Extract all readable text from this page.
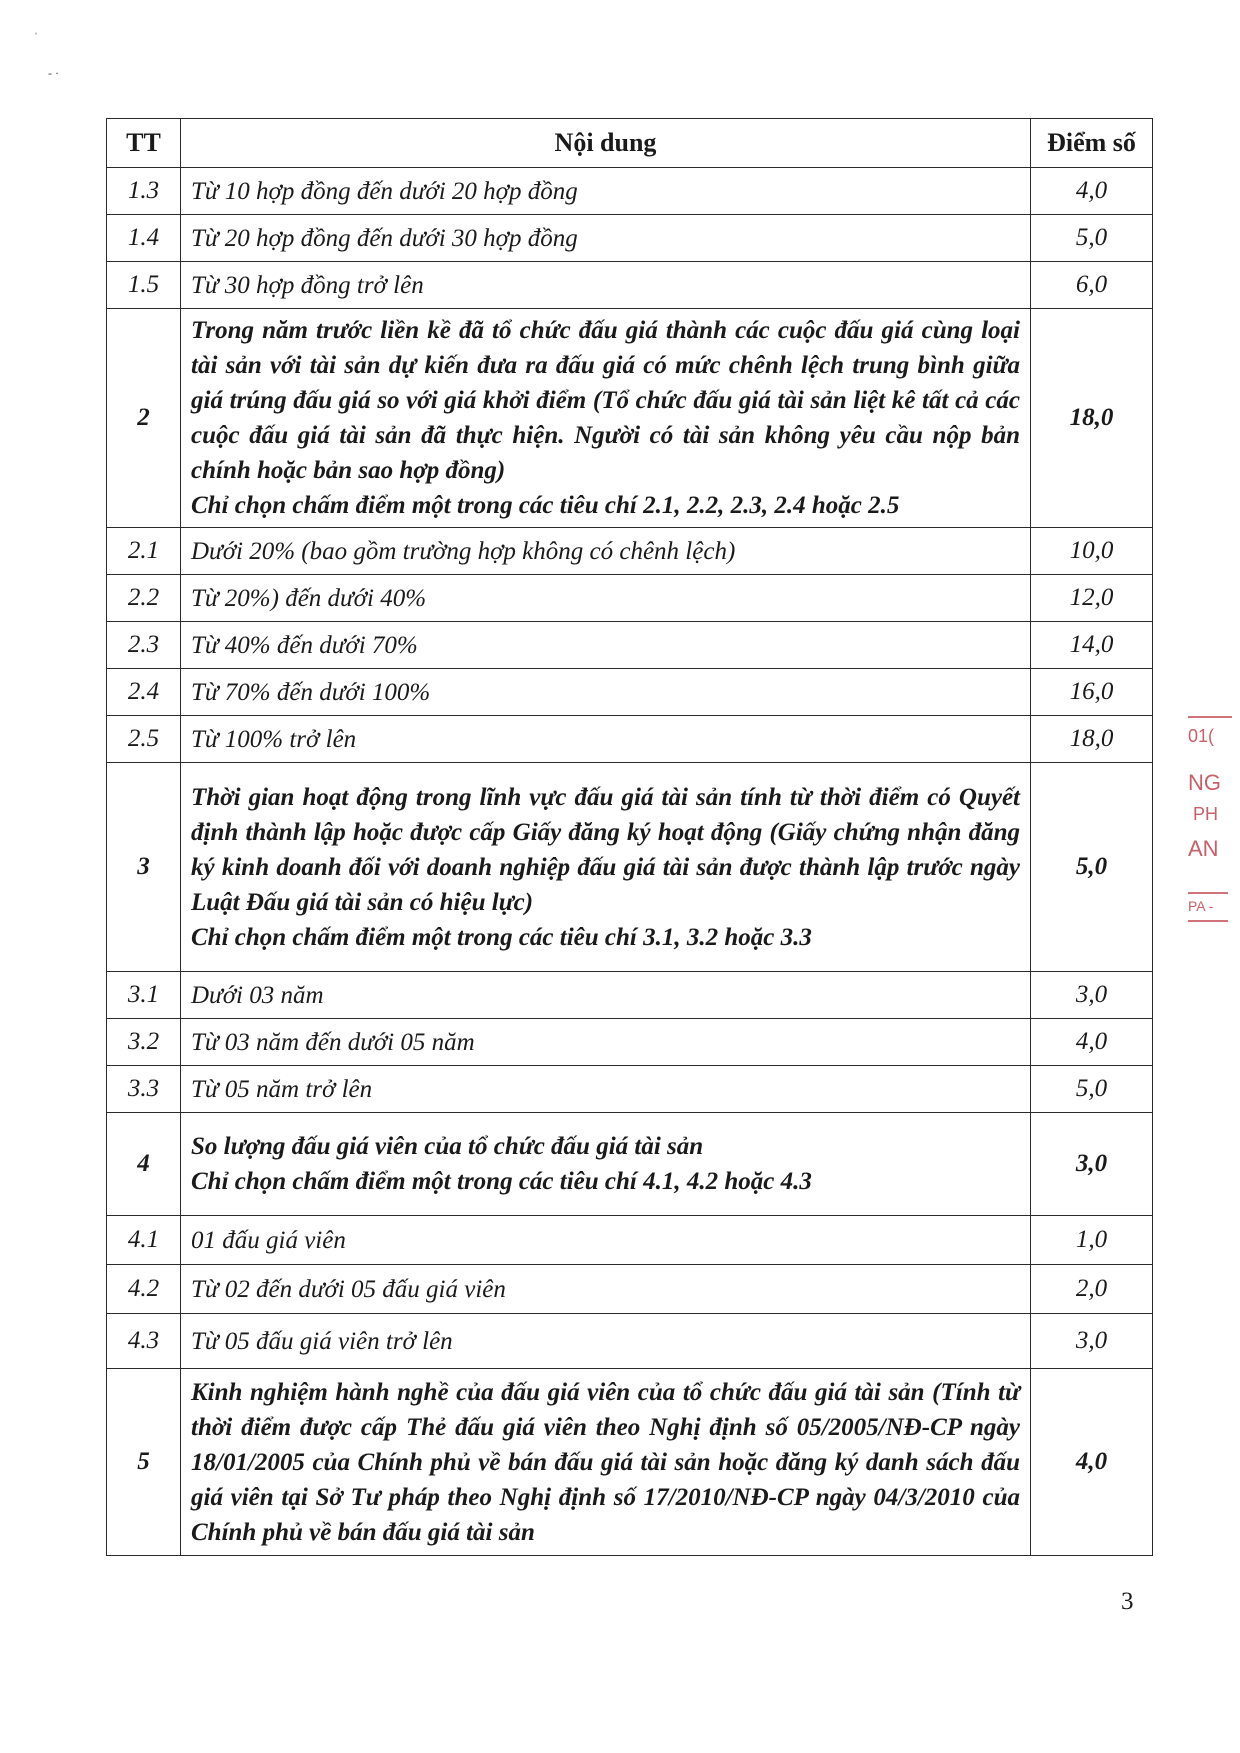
ˈ
- ·
TT	Nội dung	Điểm số
1.3	Từ 10 hợp đồng đến dưới 20 hợp đồng	4,0
1.4	Từ 20 hợp đồng đến dưới 30 hợp đồng	5,0
1.5	Từ 30 hợp đồng trở lên	6,0
2	Trong năm trước liền kề đã tổ chức đấu giá thành các cuộc đấu giá cùng loại tài sản với tài sản dự kiến đưa ra đấu giá có mức chênh lệch trung bình giữa giá trúng đấu giá so với giá khởi điểm (Tổ chức đấu giá tài sản liệt kê tất cả các cuộc đấu giá tài sản đã thực hiện. Người có tài sản không yêu cầu nộp bản chính hoặc bản sao hợp đồng)
Chỉ chọn chấm điểm một trong các tiêu chí 2.1, 2.2, 2.3, 2.4 hoặc 2.5	18,0
2.1	Dưới 20% (bao gồm trường hợp không có chênh lệch)	10,0
2.2	Từ 20%) đến dưới 40%	12,0
2.3	Từ 40% đến dưới 70%	14,0
2.4	Từ 70% đến dưới 100%	16,0
2.5	Từ 100% trở lên	18,0
3	Thời gian hoạt động trong lĩnh vực đấu giá tài sản tính từ thời điểm có Quyết định thành lập hoặc được cấp Giấy đăng ký hoạt động (Giấy chứng nhận đăng ký kinh doanh đối với doanh nghiệp đấu giá tài sản được thành lập trước ngày Luật Đấu giá tài sản có hiệu lực)
Chỉ chọn chấm điểm một trong các tiêu chí 3.1, 3.2 hoặc 3.3	5,0
3.1	Dưới 03 năm	3,0
3.2	Từ 03 năm đến dưới 05 năm	4,0
3.3	Từ 05 năm trở lên	5,0
4	So lượng đấu giá viên của tổ chức đấu giá tài sản
Chỉ chọn chấm điểm một trong các tiêu chí 4.1, 4.2 hoặc 4.3	3,0
4.1	01 đấu giá viên	1,0
4.2	Từ 02 đến dưới 05 đấu giá viên	2,0
4.3	Từ 05 đấu giá viên trở lên	3,0
5	Kinh nghiệm hành nghề của đấu giá viên của tổ chức đấu giá tài sản (Tính từ thời điểm được cấp Thẻ đấu giá viên theo Nghị định số 05/2005/NĐ-CP ngày 18/01/2005 của Chính phủ về bán đấu giá tài sản hoặc đăng ký danh sách đấu giá viên tại Sở Tư pháp theo Nghị định số 17/2010/NĐ-CP ngày 04/3/2010 của Chính phủ về bán đấu giá tài sản	4,0
̀01(
̀NG
̉ PH
AN
̀PA -
3
